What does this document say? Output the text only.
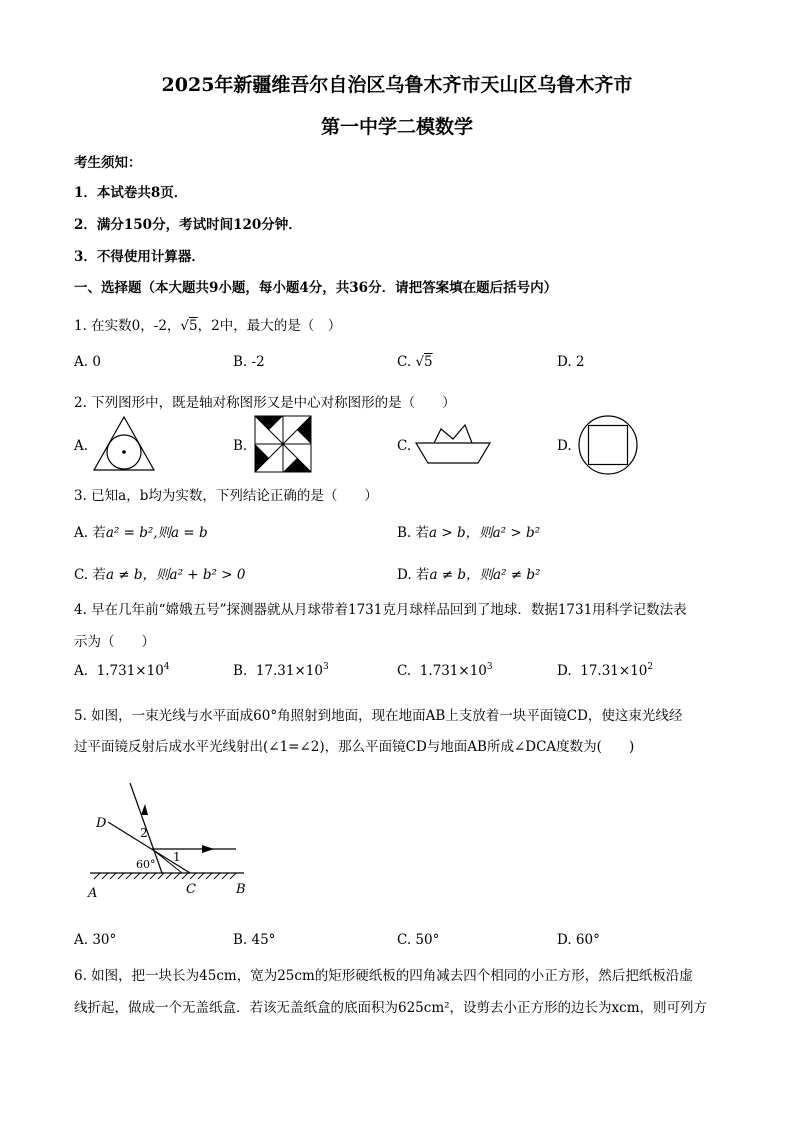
2025年新疆维吾尔自治区乌鲁木齐市天山区乌鲁木齐市
第一中学二模数学
考生须知：
1．本试卷共8页．
2．满分150分，考试时间120分钟．
3．不得使用计算器．
一、选择题（本大题共9小题，每小题4分，共36分．请把答案填在题后括号内）
1. 在实数0，-2，√5，2中，最大的是（　）
A. 0	B. -2	C. √5	D. 2
2. 下列图形中，既是轴对称图形又是中心对称图形的是（　　）
A.	B.	C.	D.
3. 已知a，b均为实数，下列结论正确的是（　　）
A. 若a² = b²,则a = b	B. 若a > b，则a² > b²
C. 若a ≠ b，则a² + b² > 0	D. 若a ≠ b，则a² ≠ b²
4. 早在几年前“嫦娥五号”探测器就从月球带着1731克月球样品回到了地球．数据1731用科学记数法表
示为（　　）
A. $1.731\times 10^4$	B. $17.31\times 10^3$	C. $1.731\times 10^3$	D. $17.31\times 10^2$
5. 如图，一束光线与水平面成60°角照射到地面，现在地面AB上支放着一块平面镜CD，使这束光线经
过平面镜反射后成水平光线射出(∠1=∠2)，那么平面镜CD与地面AB所成∠DCA度数为(　　)
D
A	B
C
2
1
60°
A. 30°	B. 45°	C. 50°	D. 60°
6. 如图，把一块长为45cm，宽为25cm的矩形硬纸板的四角减去四个相同的小正方形，然后把纸板沿虚
线折起，做成一个无盖纸盒．若该无盖纸盒的底面积为625cm²，设剪去小正方形的边长为xcm，则可列方
